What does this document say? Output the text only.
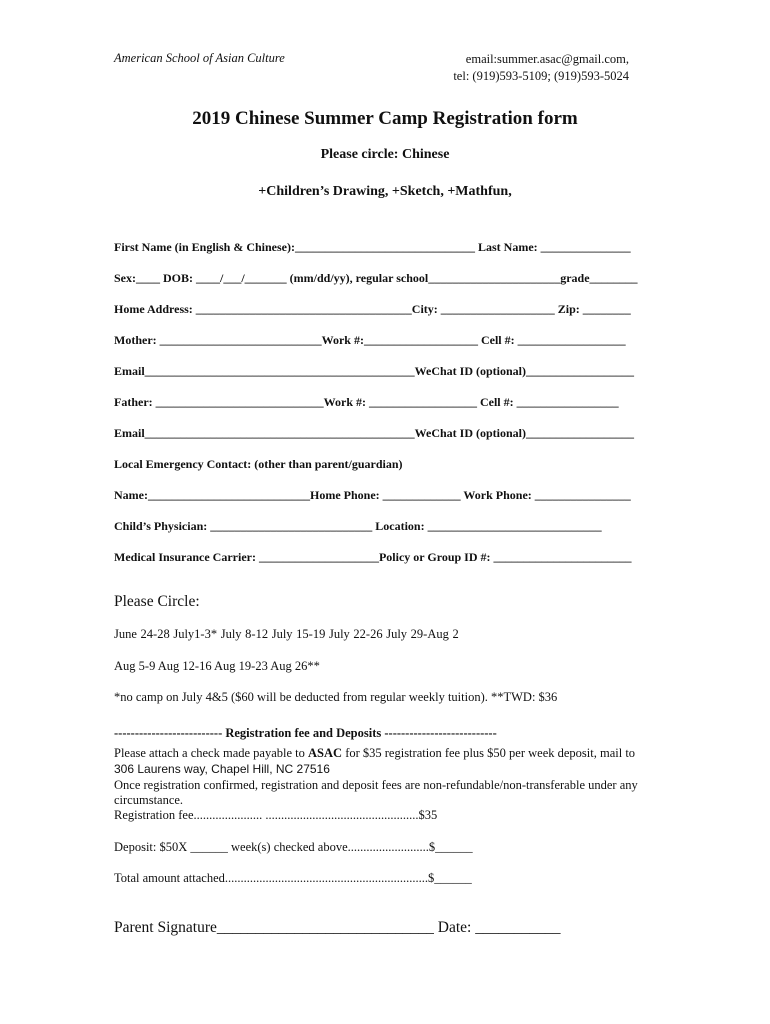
American School of Asian Culture	email:summer.asac@gmail.com,
tel: (919)593-5109; (919)593-5024
2019 Chinese Summer Camp Registration form
Please circle: Chinese
+Children’s Drawing, +Sketch, +Mathfun,
First Name (in English & Chinese):______________________________ Last Name: _______________
Sex:____ DOB: ____/___/_______ (mm/dd/yy), regular school______________________grade________
Home Address: ____________________________________City: ___________________ Zip: ________
Mother: ___________________________Work #:___________________ Cell #: __________________
Email_____________________________________________WeChat ID (optional)__________________
Father: ____________________________Work #: __________________ Cell #: _________________
Email_____________________________________________WeChat ID (optional)__________________
Local Emergency Contact: (other than parent/guardian)
Name:___________________________Home Phone: _____________ Work Phone: ________________
Child’s Physician: ___________________________ Location: _____________________________
Medical Insurance Carrier: ____________________Policy or Group ID #: _______________________
Please Circle:
June 24-28 July1-3* July 8-12 July 15-19 July 22-26 July 29-Aug 2
Aug 5-9 Aug 12-16 Aug 19-23 Aug 26**
*no camp on July 4&5 ($60 will be deducted from regular weekly tuition). **TWD: $36
-------------------------- Registration fee and Deposits ---------------------------
Please attach a check made payable to ASAC for $35 registration fee plus $50 per week deposit, mail to
306 Laurens way, Chapel Hill, NC 27516
Once registration confirmed, registration and deposit fees are non-refundable/non-transferable under any
circumstance.
Registration fee...................... .................................................$35
Deposit: $50X ______ week(s) checked above..........................$______
Total amount attached.................................................................$______
Parent Signature____________________________ Date: ___________
